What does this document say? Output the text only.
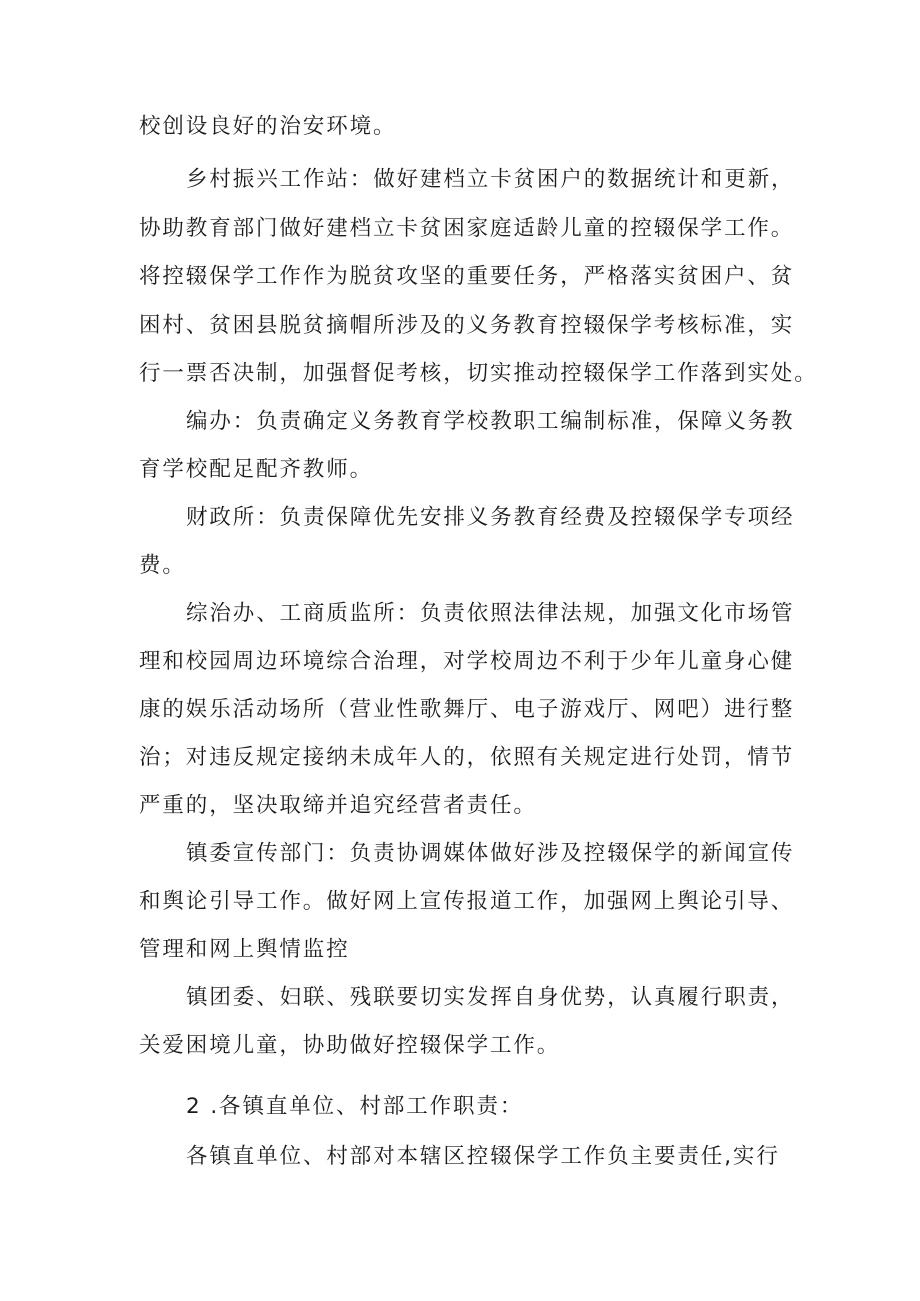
校创设良好的治安环境。
乡村振兴工作站：做好建档立卡贫困户的数据统计和更新，
协助教育部门做好建档立卡贫困家庭适龄儿童的控辍保学工作。
将控辍保学工作作为脱贫攻坚的重要任务，严格落实贫困户、贫
困村、贫困县脱贫摘帽所涉及的义务教育控辍保学考核标准，实
行一票否决制，加强督促考核，切实推动控辍保学工作落到实处。
编办：负责确定义务教育学校教职工编制标准，保障义务教
育学校配足配齐教师。
财政所：负责保障优先安排义务教育经费及控辍保学专项经
费。
综治办、工商质监所：负责依照法律法规，加强文化市场管
理和校园周边环境综合治理，对学校周边不利于少年儿童身心健
康的娱乐活动场所（营业性歌舞厅、电子游戏厅、网吧）进行整
治；对违反规定接纳未成年人的，依照有关规定进行处罚，情节
严重的，坚决取缔并追究经营者责任。
镇委宣传部门：负责协调媒体做好涉及控辍保学的新闻宣传
和舆论引导工作。做好网上宣传报道工作，加强网上舆论引导、
管理和网上舆情监控
镇团委、妇联、残联要切实发挥自身优势，认真履行职责，
关爱困境儿童，协助做好控辍保学工作。
2 .各镇直单位、村部工作职责：
各镇直单位、村部对本辖区控辍保学工作负主要责任,实行
